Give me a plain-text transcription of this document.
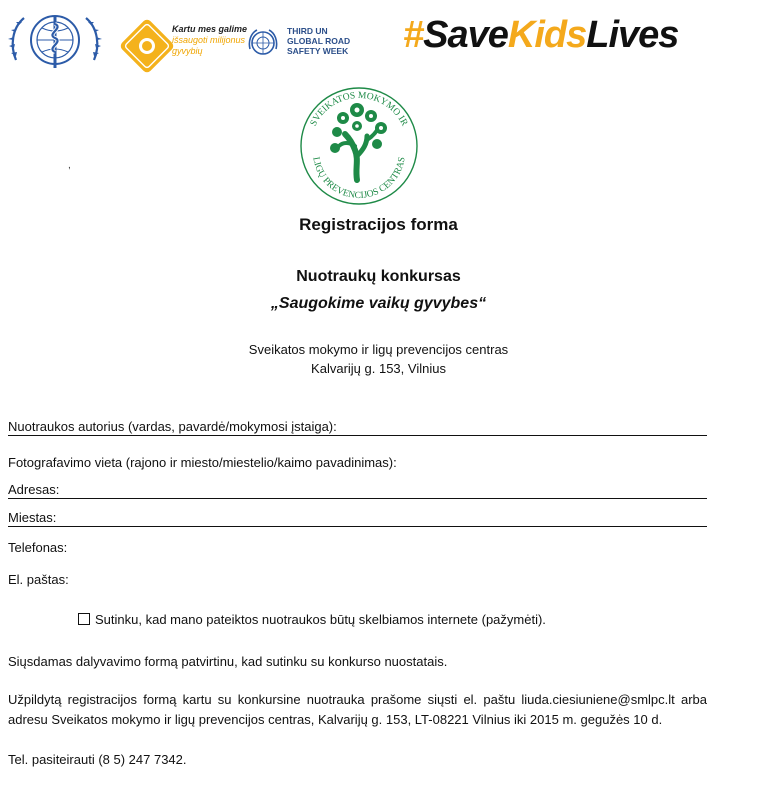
Kartu mes galime
išsaugoti milijonus
gyvybių
THIRD UN
GLOBAL ROAD
SAFETY WEEK #SaveKidsLives
SVEIKATOS MOKYMO IR
LIGŲ PREVENCIJOS CENTRAS
,
Registracijos forma
Nuotraukų konkursas
„Saugokime vaikų gyvybes“
Sveikatos mokymo ir ligų prevencijos centras
Kalvarijų g. 153, Vilnius
Nuotraukos autorius (vardas, pavardė/mokymosi įstaiga):
Fotografavimo vieta (rajono ir miesto/miestelio/kaimo pavadinimas):
Adresas:
Miestas:
Telefonas:
El. paštas:
Sutinku, kad mano pateiktos nuotraukos būtų skelbiamos internete (pažymėti).
Siųsdamas dalyvavimo formą patvirtinu, kad sutinku su konkurso nuostatais.
Užpildytą registracijos formą kartu su konkursine nuotrauka prašome siųsti el. paštu liuda.ciesiuniene@smlpc.lt arba adresu Sveikatos mokymo ir ligų prevencijos centras, Kalvarijų g. 153, LT-08221 Vilnius iki 2015 m. gegužės 10 d.
Tel. pasiteirauti (8 5) 247 7342.
